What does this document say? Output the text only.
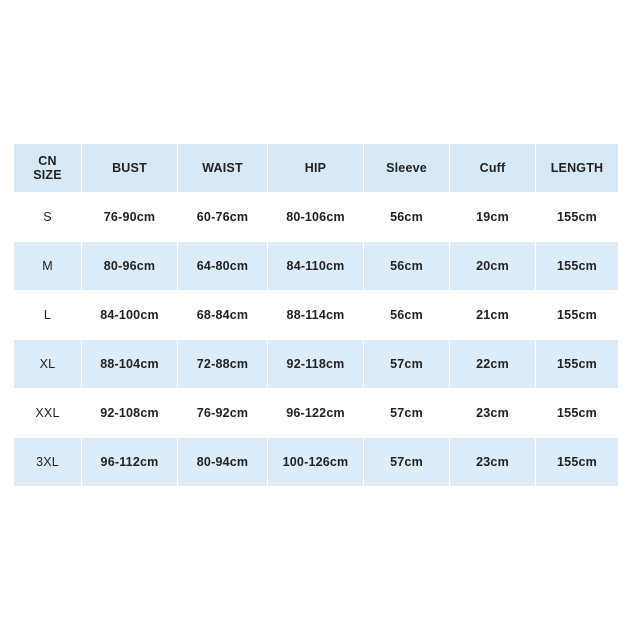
CN
SIZE	BUST	WAIST	HIP	Sleeve	Cuff	LENGTH
S	76-90cm	60-76cm	80-106cm	56cm	19cm	155cm
M	80-96cm	64-80cm	84-110cm	56cm	20cm	155cm
L	84-100cm	68-84cm	88-114cm	56cm	21cm	155cm
XL	88-104cm	72-88cm	92-118cm	57cm	22cm	155cm
XXL	92-108cm	76-92cm	96-122cm	57cm	23cm	155cm
3XL	96-112cm	80-94cm	100-126cm	57cm	23cm	155cm
